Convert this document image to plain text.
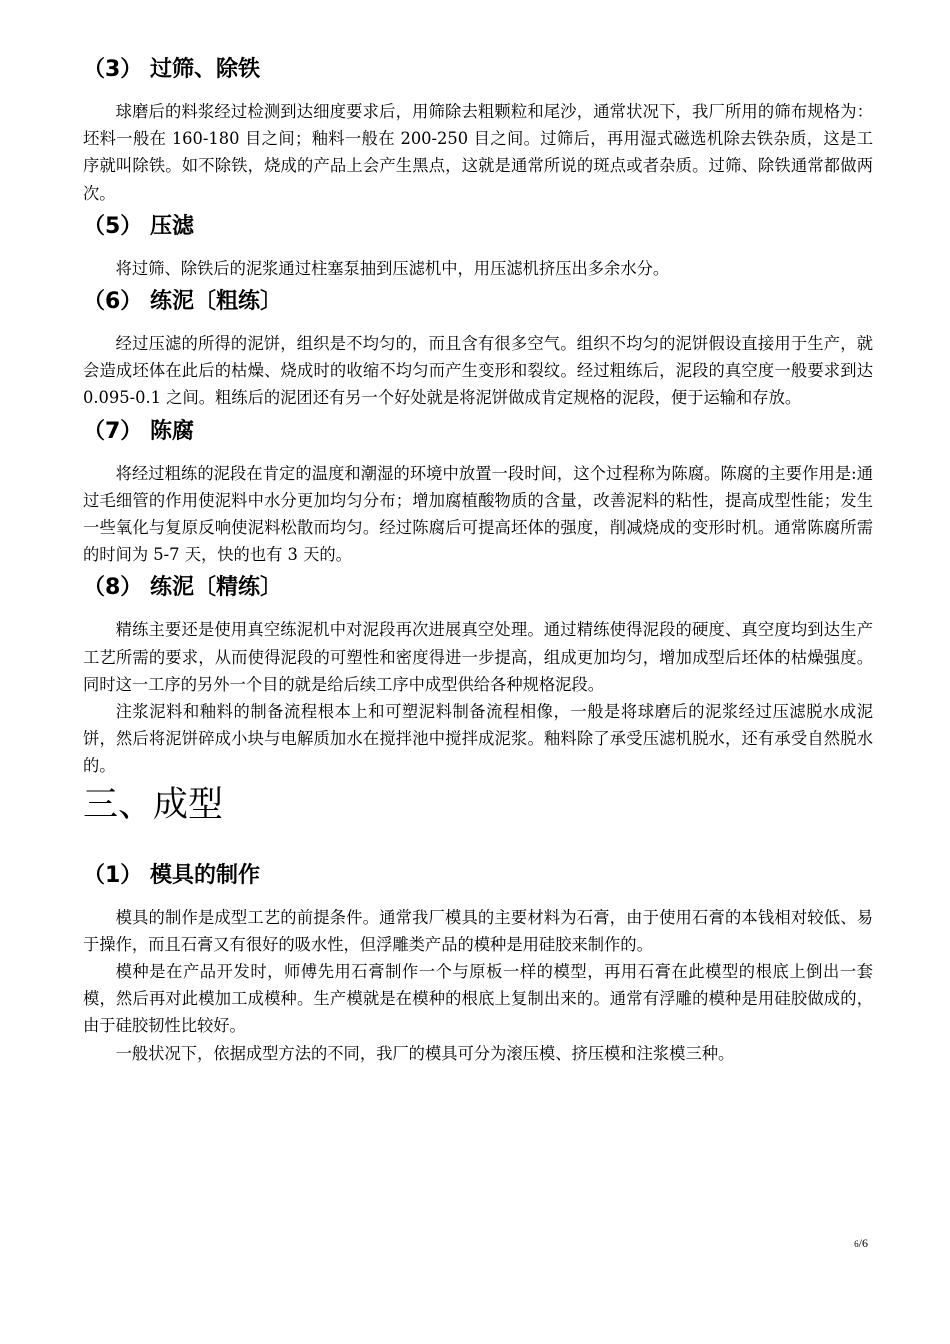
（3） 过筛、除铁

球磨后的料浆经过检测到达细度要求后，用筛除去粗颗粒和尾沙，通常状况下，我厂所用的筛布规格为：坯料一般在 160-180 目之间；釉料一般在 200-250 目之间。过筛后，再用湿式磁选机除去铁杂质，这是工序就叫除铁。如不除铁，烧成的产品上会产生黑点，这就是通常所说的斑点或者杂质。过筛、除铁通常都做两次。

（5） 压滤

将过筛、除铁后的泥浆通过柱塞泵抽到压滤机中，用压滤机挤压出多余水分。

（6） 练泥〔粗练〕

经过压滤的所得的泥饼，组织是不均匀的，而且含有很多空气。组织不均匀的泥饼假设直接用于生产，就会造成坯体在此后的枯燥、烧成时的收缩不均匀而产生变形和裂纹。经过粗练后，泥段的真空度一般要求到达 0.095-0.1 之间。粗练后的泥团还有另一个好处就是将泥饼做成肯定规格的泥段，便于运输和存放。

（7） 陈腐

将经过粗练的泥段在肯定的温度和潮湿的环境中放置一段时间，这个过程称为陈腐。陈腐的主要作用是:通过毛细管的作用使泥料中水分更加均匀分布；增加腐植酸物质的含量，改善泥料的粘性，提高成型性能；发生一些氧化与复原反响使泥料松散而均匀。经过陈腐后可提高坯体的强度，削减烧成的变形时机。通常陈腐所需的时间为 5-7 天，快的也有 3 天的。

（8） 练泥〔精练〕

精练主要还是使用真空练泥机中对泥段再次进展真空处理。通过精练使得泥段的硬度、真空度均到达生产工艺所需的要求，从而使得泥段的可塑性和密度得进一步提高，组成更加均匀，增加成型后坯体的枯燥强度。同时这一工序的另外一个目的就是给后续工序中成型供给各种规格泥段。

注浆泥料和釉料的制备流程根本上和可塑泥料制备流程相像，一般是将球磨后的泥浆经过压滤脱水成泥饼，然后将泥饼碎成小块与电解质加水在搅拌池中搅拌成泥浆。釉料除了承受压滤机脱水，还有承受自然脱水的。

三、成型
（1） 模具的制作

模具的制作是成型工艺的前提条件。通常我厂模具的主要材料为石膏，由于使用石膏的本钱相对较低、易于操作，而且石膏又有很好的吸水性，但浮雕类产品的模种是用硅胶来制作的。

模种是在产品开发时，师傅先用石膏制作一个与原板一样的模型，再用石膏在此模型的根底上倒出一套模，然后再对此模加工成模种。生产模就是在模种的根底上复制出来的。通常有浮雕的模种是用硅胶做成的，由于硅胶韧性比较好。

一般状况下，依据成型方法的不同，我厂的模具可分为滚压模、挤压模和注浆模三种。

6/6
